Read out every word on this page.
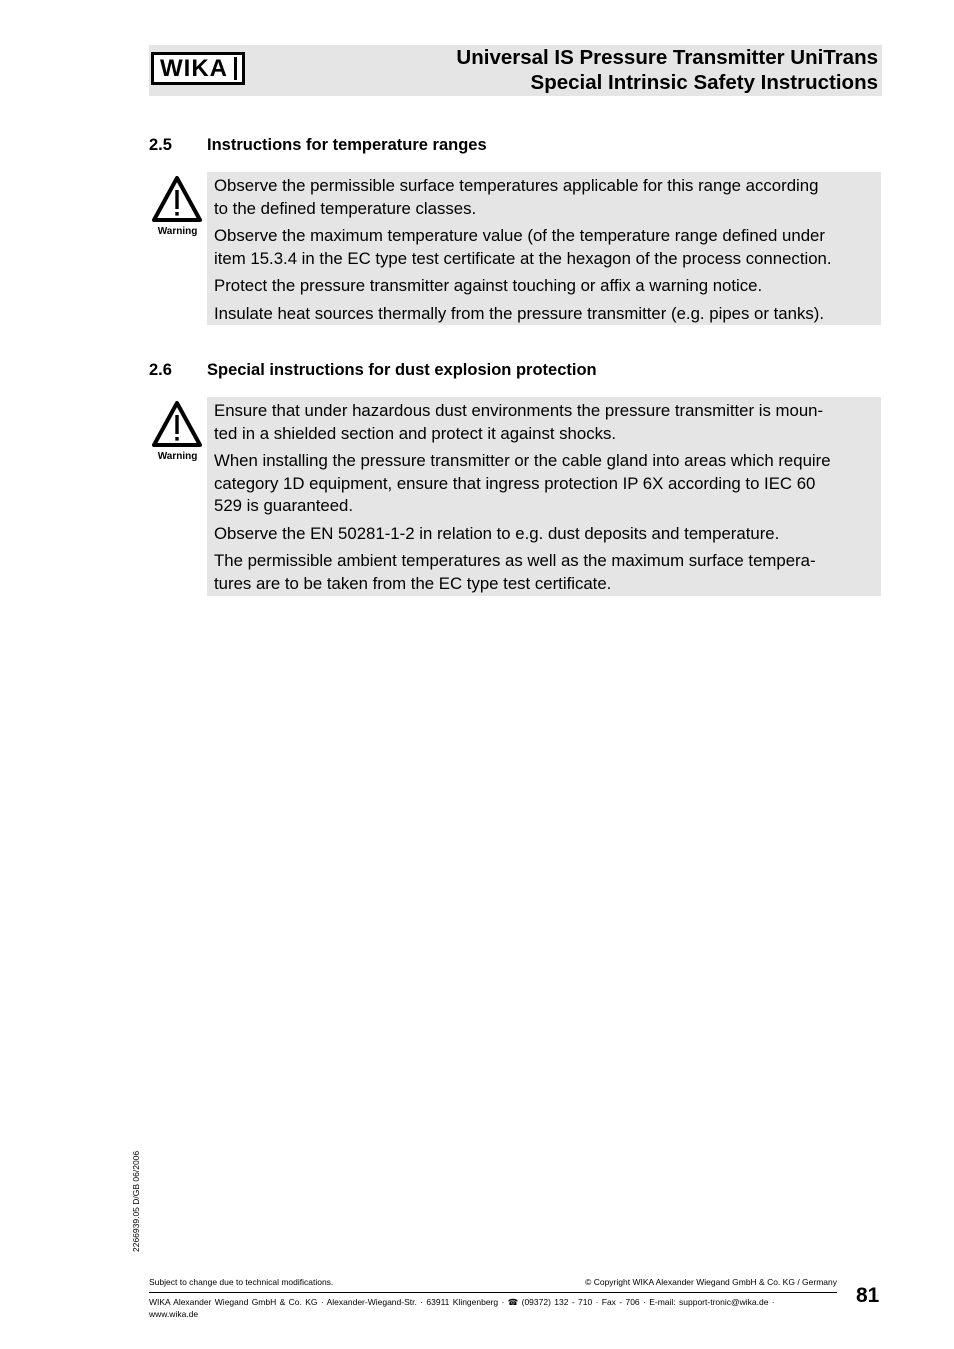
WIKA	Universal IS Pressure Transmitter UniTrans
Special Intrinsic Safety Instructions
2.5 Instructions for temperature ranges
Warning

Observe the permissible surface temperatures applicable for this range according
to the defined temperature classes.

Observe the maximum temperature value (of the temperature range defined under
item 15.3.4 in the EC type test certificate at the hexagon of the process connection.

Protect the pressure transmitter against touching or affix a warning notice.

Insulate heat sources thermally from the pressure transmitter (e.g. pipes or tanks).

2.6 Special instructions for dust explosion protection
Warning

Ensure that under hazardous dust environments the pressure transmitter is moun-
ted in a shielded section and protect it against shocks.

When installing the pressure transmitter or the cable gland into areas which require
category 1D equipment, ensure that ingress protection IP 6X according to IEC 60
529 is guaranteed.

Observe the EN 50281-1-2 in relation to e.g. dust deposits and temperature.

The permissible ambient temperatures as well as the maximum surface tempera-
tures are to be taken from the EC type test certificate.

2266939.05 D/GB 06/2006
Subject to change due to technical modifications.	© Copyright WIKA Alexander Wiegand GmbH & Co. KG / Germany
WIKA Alexander Wiegand GmbH & Co. KG · Alexander-Wiegand-Str. · 63911 Klingenberg · ☎ (09372) 132 - 710 · Fax - 706 · E-mail: support-tronic@wika.de ·
www.wika.de
81
